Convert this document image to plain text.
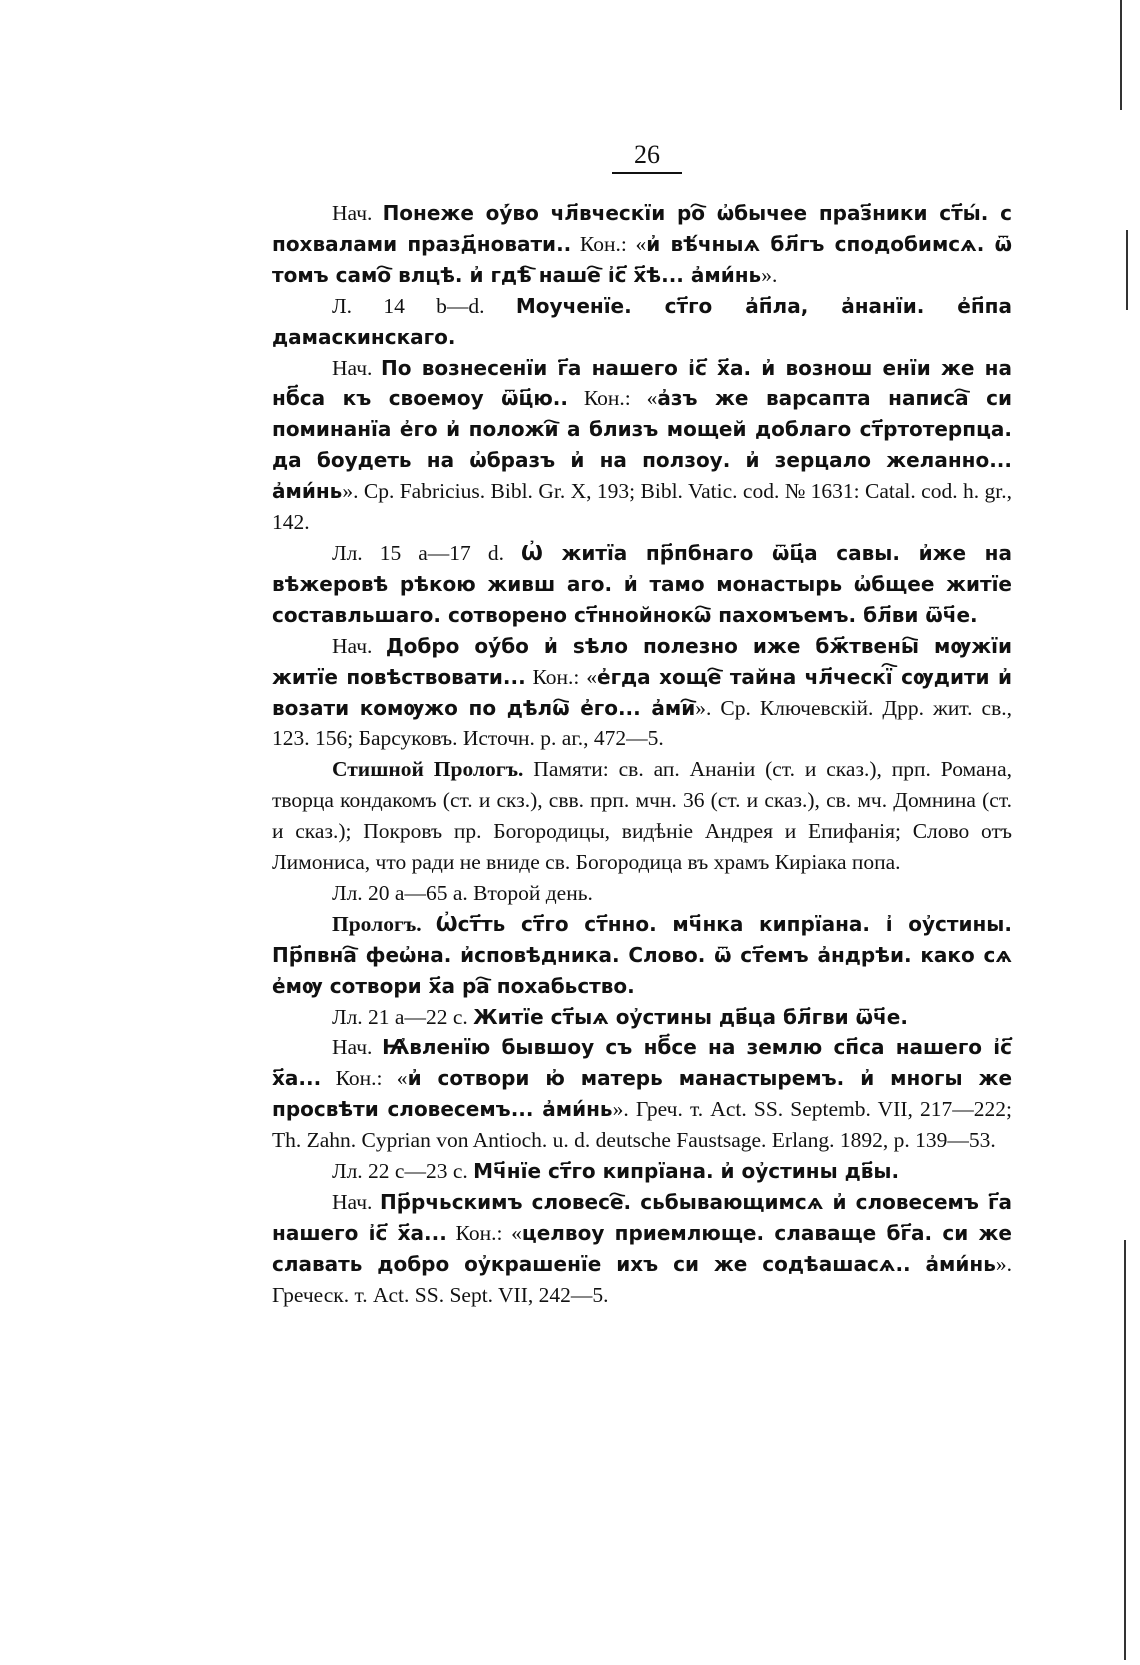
26

Нач. Понеже оу҆́во чл҃вческїи ро҇ ѡ҆бычее праз҃ники ст҃ы́. с похвалами празд҃новати.. Кон.: «и҆ вѣ́чныѧ бл҃гъ сподобимсѧ. ѿ томъ само҇ влцѣ. и҆ гдѣ҇ наше҇ і҆с҃ х҃ѣ... а҆ми́нь».

Л. 14 b—d. Моученїе. ст҃го а҆п҃ла, а҆нанїи. е҆п҃па дамаскинскаго.

Нач. По вознесенїи г҃а нашего і҆с҃ х҃а. и҆ вознош енїи же на нб҃са къ своемоу ѿц҃ю.. Кон.: «а҆зъ же варсапта написа҇ си поминанїа е҆го и҆ положи҇ а близъ мощей доблаго ст҃ртотерпца. да боудеть на ѡ҆бразъ и҆ на ползоу. и҆ зерцало желанно... а҆ми́нь». Ср. Fabricius. Bibl. Gr. X, 193; Bibl. Vatic. cod. № 1631: Catal. cod. h. gr., 142.

Лл. 15 а—17 d. Ѡ҆ житїа пр҃пбнаго ѿц҃а савы. и҆же на вѣжеровѣ рѣкою живш аго. и҆ тамо монастырь ѡ҆бщее житїе составльшаго. сотворено ст҃ннойнокѡ҇ пахомъемъ. бл҃ви ѿч҃е.

Нач. Добро оу҆́бо и҆ ѕѣло полезно иже бж҃твены҇ мѹжїи житїе повѣствовати... Кон.: «е҆гда хоще҇ тайна чл҃ческї҇ сѹдити и҆ возати комѹжо по дѣлѡ҇ е҆го... а҆ми҇». Ср. Ключевскій. Дрр. жит. св., 123. 156; Барсуковъ. Источн. р. аг., 472—5.

Стишной Прологъ. Памяти: св. ап. Ананіи (ст. и сказ.), прп. Романа, творца кондакомъ (ст. и скз.), свв. прп. мчн. 36 (ст. и сказ.), св. мч. Домнина (ст. и сказ.); Покровъ пр. Богородицы, видѣніе Андрея и Епифанія; Слово отъ Лимониса, что ради не вниде св. Богородица въ храмъ Киріака попа.

Лл. 20 а—65 а. Второй день.

Прологъ. Ѡ҆ст҃ть ст҃го ст҃нно. мч҃нка кипрїана. і҆ оу҆стины. Пр҃пвна҇ феѡ҆на. и҆сповѣдника. Слово. ѿ ст҃емъ а҆ндрѣи. како сѧ е҆мѹ сотвори х҃а ра҇ похабьство.

Лл. 21 а—22 с. Житїе ст҃ыѧ оу҆стины дв҃ца бл҃гви ѿч҃е.

Нач. Ѩ҆вленїю бывшоу съ нб҃се на землю сп҃са нашего і҆с҃ х҃а... Кон.: «и҆ сотвори ю҆ матерь манастыремъ. и҆ многы же просвѣти словесемъ... а҆ми́нь». Греч. т. Act. SS. Septemb. VII, 217—222; Th. Zahn. Cyprian von Antioch. u. d. deutsche Faustsage. Erlang. 1892, p. 139—53.

Лл. 22 с—23 с. Мч҃нїе ст҃го кипрїана. и҆ оу҆стины дв҃ы.

Нач. Пр҃рчьскимъ словесе҇. сьбывающимсѧ и҆ словесемъ г҃а нашего і҆с҃ х҃а... Кон.: «целвоу приемлюще. славаще бг҃а. си же славать добро оу҆крашенїе ихъ си же содѣашасѧ.. а҆ми́нь». Греческ. т. Act. SS. Sept. VII, 242—5.
